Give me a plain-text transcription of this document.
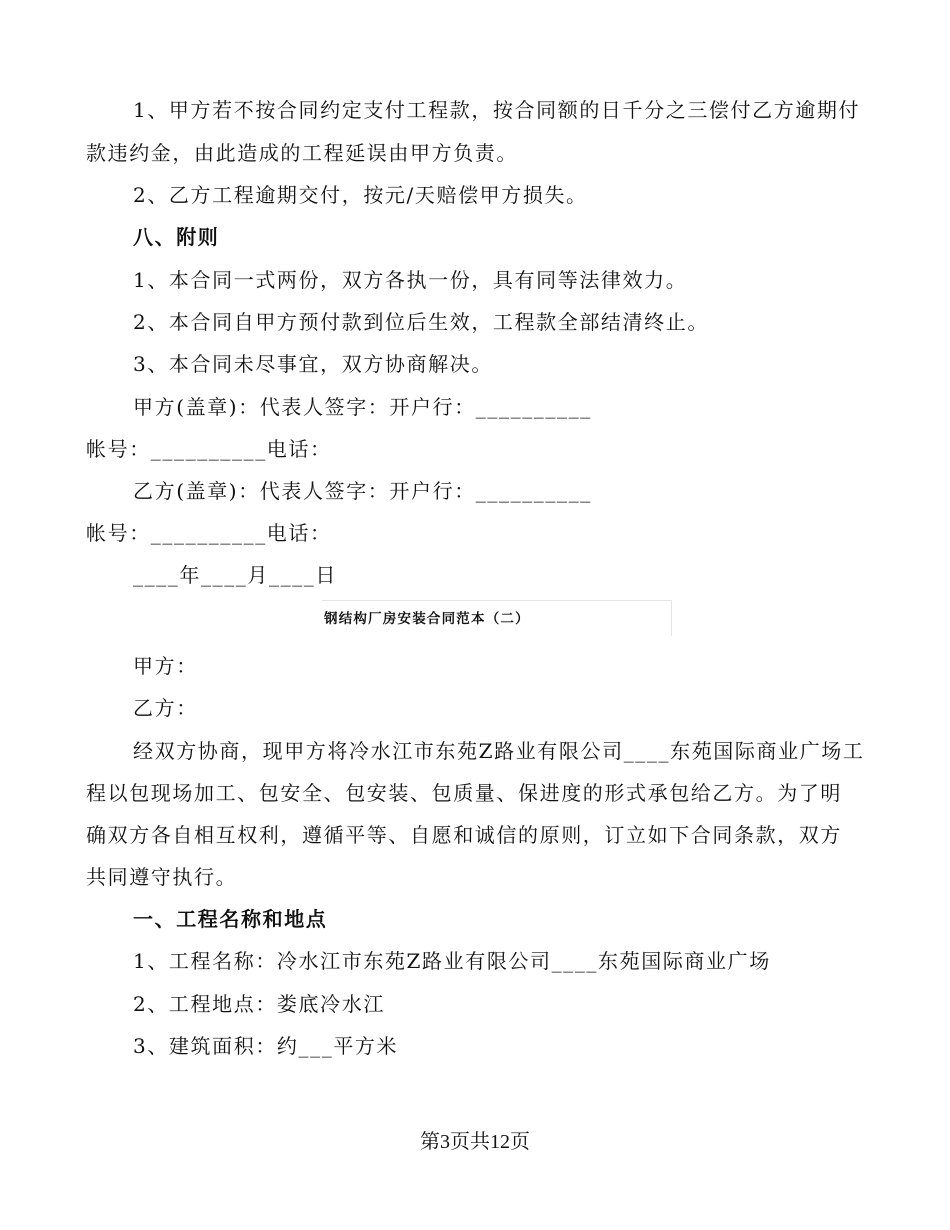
1、甲方若不按合同约定支付工程款，按合同额的日千分之三偿付乙方逾期付
款违约金，由此造成的工程延误由甲方负责。
2、乙方工程逾期交付，按元/天赔偿甲方损失。
八、附则
1、本合同一式两份，双方各执一份，具有同等法律效力。
2、本合同自甲方预付款到位后生效，工程款全部结清终止。
3、本合同未尽事宜，双方协商解决。
甲方(盖章)：代表人签字：开户行：__________
帐号：__________电话：
乙方(盖章)：代表人签字：开户行：__________
帐号：__________电话：
____年____月____日
钢结构厂房安装合同范本（二）
甲方：
乙方：
经双方协商，现甲方将冷水江市东苑Z路业有限公司____东苑国际商业广场工
程以包现场加工、包安全、包安装、包质量、保进度的形式承包给乙方。为了明
确双方各自相互权利，遵循平等、自愿和诚信的原则，订立如下合同条款，双方
共同遵守执行。
一、工程名称和地点
1、工程名称：冷水江市东苑Z路业有限公司____东苑国际商业广场
2、工程地点：娄底冷水江
3、建筑面积：约___平方米
第3页共12页
